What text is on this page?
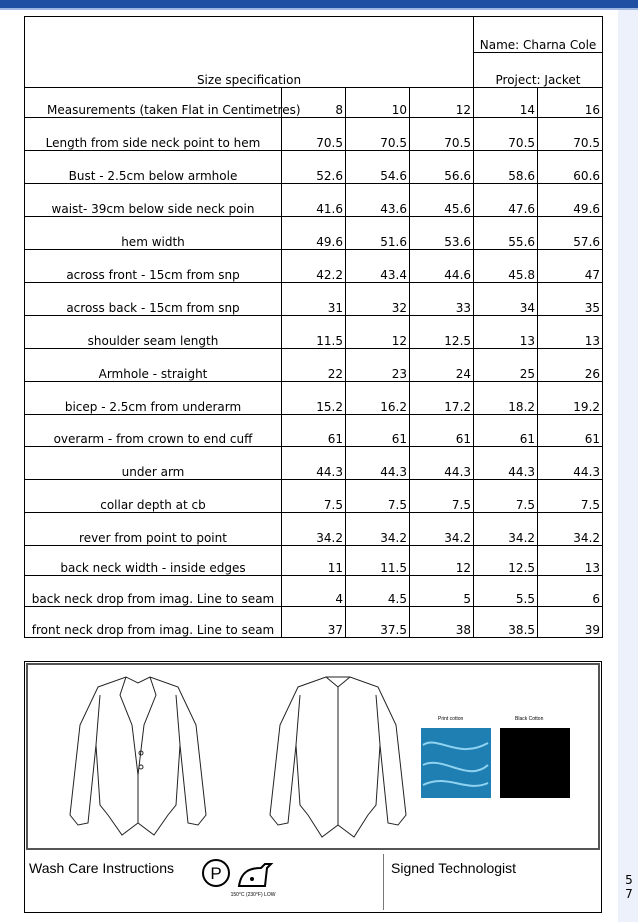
5 7
Size specification				Name: Charna Cole	
				Project: Jacket	
Measurements (taken Flat in Centimetres)	8	10	12	14	16
Length from side neck point to hem	70.5	70.5	70.5	70.5	70.5
Bust - 2.5cm below armhole	52.6	54.6	56.6	58.6	60.6
waist- 39cm below side neck poin	41.6	43.6	45.6	47.6	49.6
hem width	49.6	51.6	53.6	55.6	57.6
across front - 15cm from snp	42.2	43.4	44.6	45.8	47
across back - 15cm from snp	31	32	33	34	35
shoulder seam length	11.5	12	12.5	13	13
Armhole - straight	22	23	24	25	26
bicep - 2.5cm from underarm	15.2	16.2	17.2	18.2	19.2
overarm - from crown to end cuff	61	61	61	61	61
under arm	44.3	44.3	44.3	44.3	44.3
collar depth at cb	7.5	7.5	7.5	7.5	7.5
rever from point to point	34.2	34.2	34.2	34.2	34.2
back neck width - inside edges	11	11.5	12	12.5	13
back neck drop from imag. Line to seam	4	4.5	5	5.5	6
front neck drop from imag. Line to seam	37	37.5	38	38.5	39
Print cotton	Black Cotton
Wash Care Instructions P
150°C (230°F) LOW
Signed Technologist
